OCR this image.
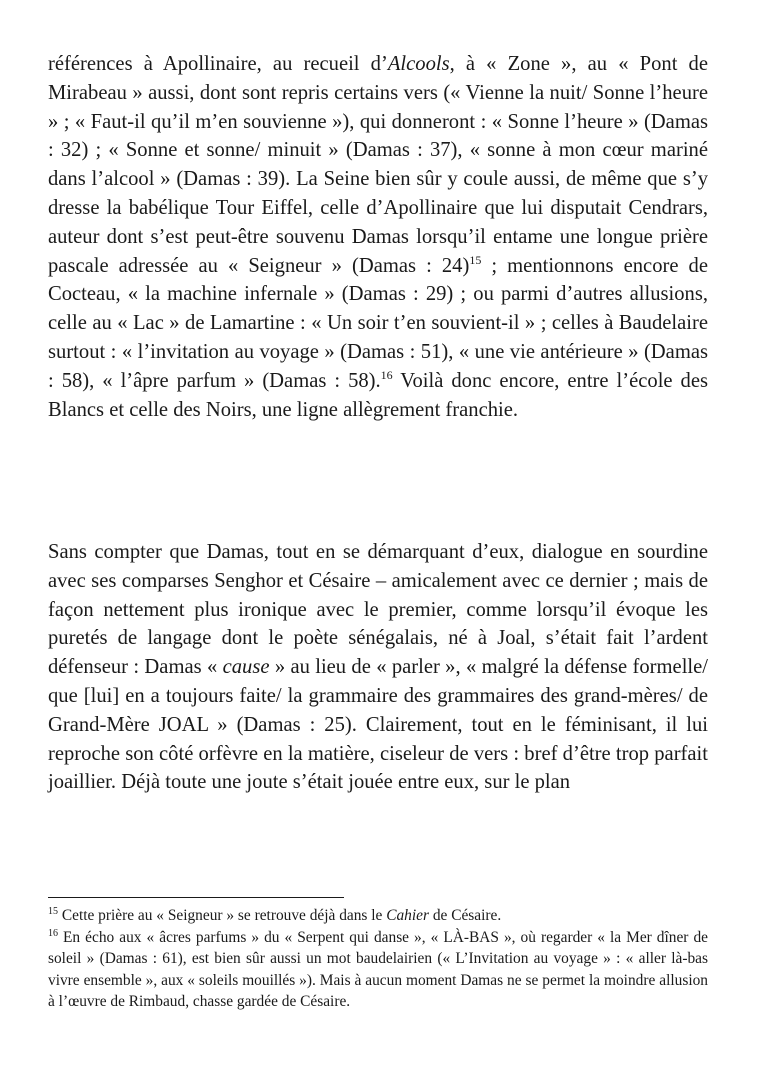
références à Apollinaire, au recueil d’Alcools, à « Zone », au « Pont de Mirabeau » aussi, dont sont repris certains vers (« Vienne la nuit/ Sonne l’heure » ; « Faut-il qu’il m’en souvienne »), qui donneront : « Sonne l’heure » (Damas : 32) ; « Sonne et sonne/ minuit » (Damas : 37), « sonne à mon cœur mariné dans l’alcool » (Damas : 39). La Seine bien sûr y coule aussi, de même que s’y dresse la babélique Tour Eiffel, celle d’Apollinaire que lui disputait Cendrars, auteur dont s’est peut-être souvenu Damas lorsqu’il entame une longue prière pascale adressée au « Seigneur » (Damas : 24)$^{15}$ ; mentionnons encore de Cocteau, « la machine infernale » (Damas : 29) ; ou parmi d’autres allusions, celle au « Lac » de Lamartine : « Un soir t’en souvient-il » ; celles à Baudelaire surtout : « l’invitation au voyage » (Damas : 51), « une vie antérieure » (Damas : 58), « l’âpre parfum » (Damas : 58).$^{16}$ Voilà donc encore, entre l’école des Blancs et celle des Noirs, une ligne allègrement franchie.

Sans compter que Damas, tout en se démarquant d’eux, dialogue en sourdine avec ses comparses Senghor et Césaire – amicalement avec ce dernier ; mais de façon nettement plus ironique avec le premier, comme lorsqu’il évoque les puretés de langage dont le poète sénégalais, né à Joal, s’était fait l’ardent défenseur : Damas « cause » au lieu de « parler », « malgré la défense formelle/ que [lui] en a toujours faite/ la grammaire des grammaires des grand-mères/ de Grand-Mère JOAL » (Damas : 25). Clairement, tout en le féminisant, il lui reproche son côté orfèvre en la matière, ciseleur de vers : bref d’être trop parfait joaillier. Déjà toute une joute s’était jouée entre eux, sur le plan

$^{15}$ Cette prière au « Seigneur » se retrouve déjà dans le Cahier de Césaire.

$^{16}$ En écho aux « âcres parfums » du « Serpent qui danse », « LÀ-BAS », où regarder « la Mer dîner de soleil » (Damas : 61), est bien sûr aussi un mot baudelairien (« L’Invitation au voyage » : « aller là-bas vivre ensemble », aux « soleils mouillés »). Mais à aucun moment Damas ne se permet la moindre allusion à l’œuvre de Rimbaud, chasse gardée de Césaire.
